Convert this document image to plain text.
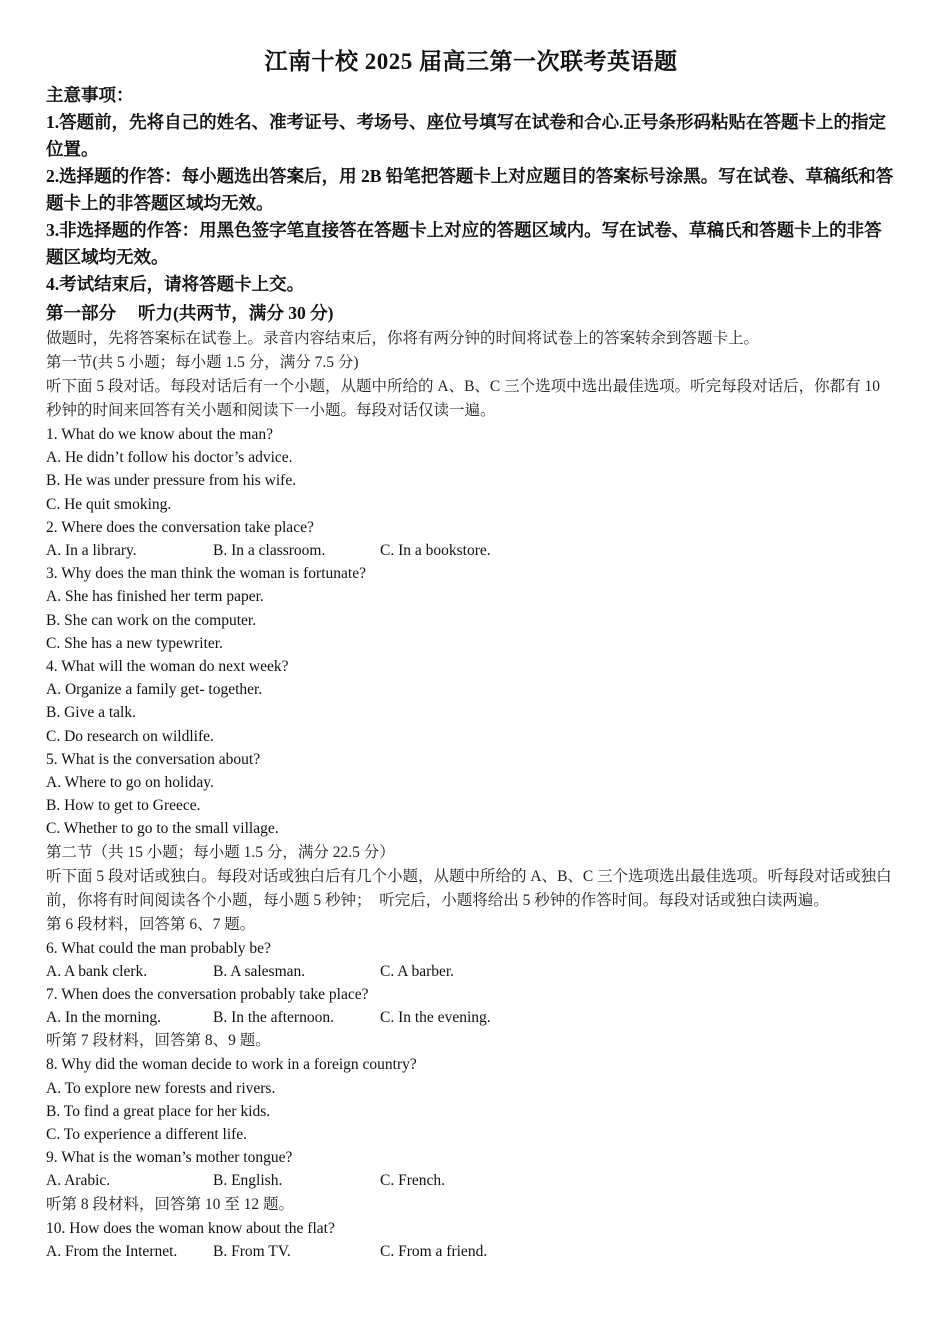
江南十校 2025 届高三第一次联考英语题
主意事项：
1.答题前，先将自己的姓名、准考证号、考场号、座位号填写在试卷和合心.正号条形码粘贴在答题卡上的指定位置。
2.选择题的作答：每小题选出答案后，用 2B 铅笔把答题卡上对应题目的答案标号涂黑。写在试卷、草稿纸和答题卡上的非答题区域均无效。
3.非选择题的作答：用黑色签字笔直接答在答题卡上对应的答题区域内。写在试卷、草稿氏和答题卡上的非答题区域均无效。
4.考试结束后，请将答题卡上交。
第一部分 听力(共两节，满分 30 分)
做题时，先将答案标在试卷上。录音内容结束后，你将有两分钟的时间将试卷上的答案转余到答题卡上。
第一节(共 5 小题；每小题 1.5 分，满分 7.5 分)
听下面 5 段对话。每段对话后有一个小题，从题中所给的 A、B、C 三个选项中选出最佳选项。听完每段对话后，你都有 10 秒钟的时间来回答有关小题和阅读下一小题。每段对话仅读一遍。
1. What do we know about the man?
A. He didn’t follow his doctor’s advice.
B. He was under pressure from his wife.
C. He quit smoking.
2. Where does the conversation take place?
A. In a library.	B. In a classroom.	C. In a bookstore.
3. Why does the man think the woman is fortunate?
A. She has finished her term paper.
B. She can work on the computer.
C. She has a new typewriter.
4. What will the woman do next week?
A. Organize a family get- together.
B. Give a talk.
C. Do research on wildlife.
5. What is the conversation about?
A. Where to go on holiday.
B. How to get to Greece.
C. Whether to go to the small village.
第二节（共 15 小题；每小题 1.5 分，满分 22.5 分）
听下面 5 段对话或独白。每段对话或独白后有几个小题，从题中所给的 A、B、C 三个选项选出最佳选项。听每段对话或独白前，你将有时间阅读各个小题，每小题 5 秒钟；　听完后，小题将给出 5 秒钟的作答时间。每段对话或独白读两遍。
第 6 段材料，回答第 6、7 题。
6. What could the man probably be?
A. A bank clerk.	B. A salesman.	C. A barber.
7. When does the conversation probably take place?
A. In the morning.	B. In the afternoon.	C. In the evening.
听第 7 段材料，回答第 8、9 题。
8. Why did the woman decide to work in a foreign country?
A. To explore new forests and rivers.
B. To find a great place for her kids.
C. To experience a different life.
9. What is the woman’s mother tongue?
A. Arabic.	B. English.	C. French.
听第 8 段材料，回答第 10 至 12 题。
10. How does the woman know about the flat?
A. From the Internet.	B. From TV.	C. From a friend.
